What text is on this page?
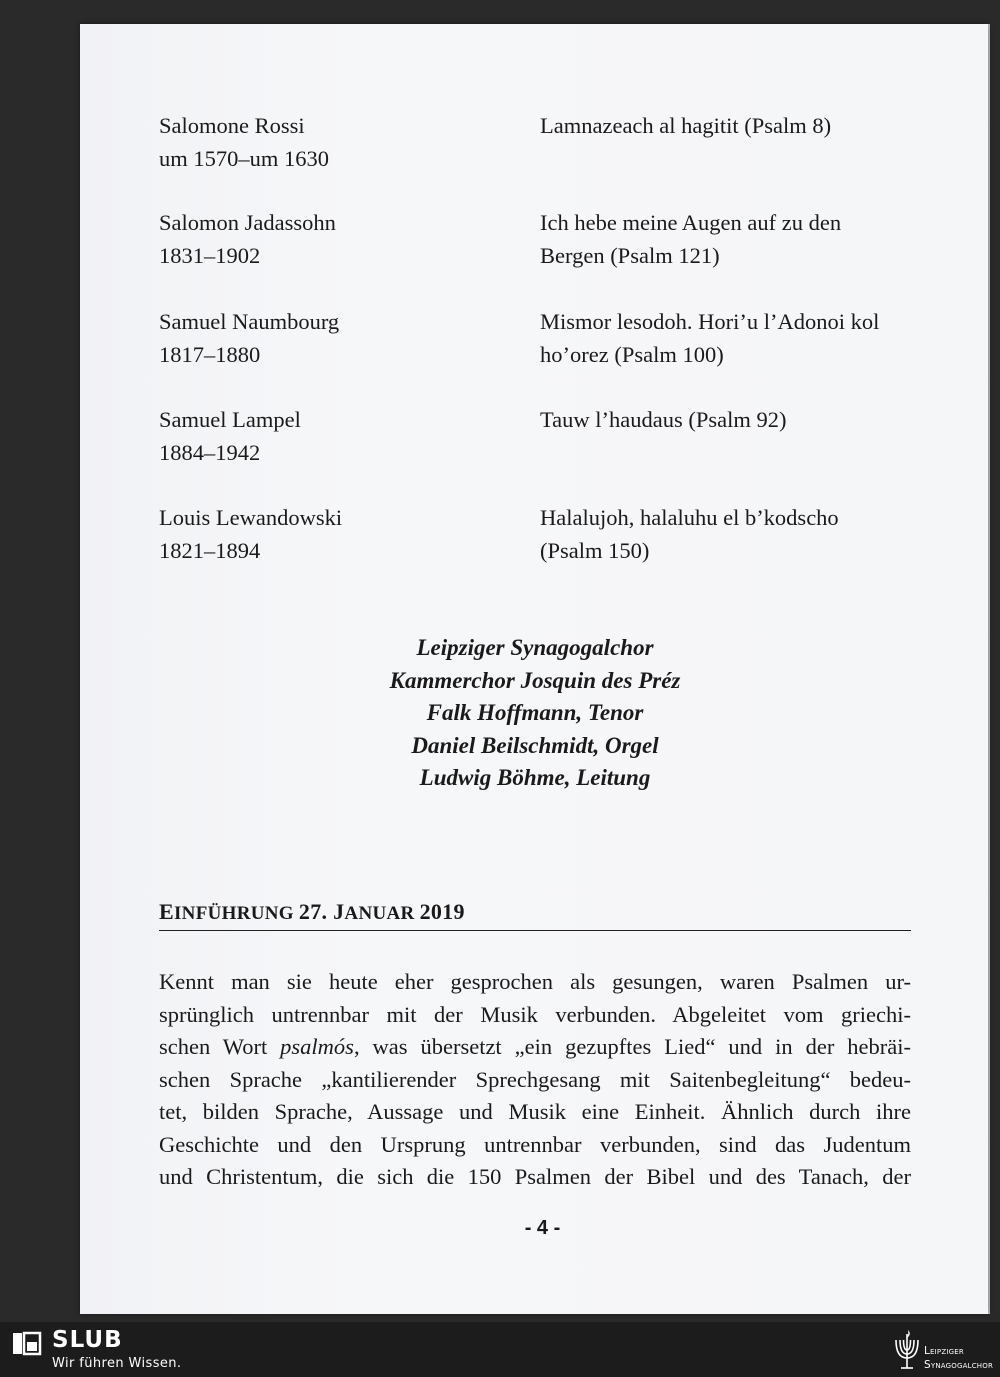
Salomone Rossi
um 1570–um 1630
Lamnazeach al hagitit (Psalm 8)
Salomon Jadassohn
1831–1902
Ich hebe meine Augen auf zu den
Bergen (Psalm 121)
Samuel Naumbourg
1817–1880
Mismor lesodoh. Hori’u l’Adonoi kol
ho’orez (Psalm 100)
Samuel Lampel
1884–1942
Tauw l’haudaus (Psalm 92)
Louis Lewandowski
1821–1894
Halalujoh, halaluhu el b’kodscho
(Psalm 150)
Leipziger Synagogalchor
Kammerchor Josquin des Préz
Falk Hoffmann, Tenor
Daniel Beilschmidt, Orgel
Ludwig Böhme, Leitung
EINFÜHRUNG 27. JANUAR 2019
Kennt man sie heute eher gesprochen als gesungen, waren Psalmen ur-
sprünglich untrennbar mit der Musik verbunden. Abgeleitet vom griechi-
schen Wort psalmós, was übersetzt „ein gezupftes Lied“ und in der hebräi-
schen Sprache „kantilierender Sprechgesang mit Saitenbegleitung“ bedeu-
tet, bilden Sprache, Aussage und Musik eine Einheit. Ähnlich durch ihre
Geschichte und den Ursprung untrennbar verbunden, sind das Judentum
und Christentum, die sich die 150 Psalmen der Bibel und des Tanach, der
- 4 -
SLUB
Wir führen Wissen.
Leipziger
Synagogalchor
